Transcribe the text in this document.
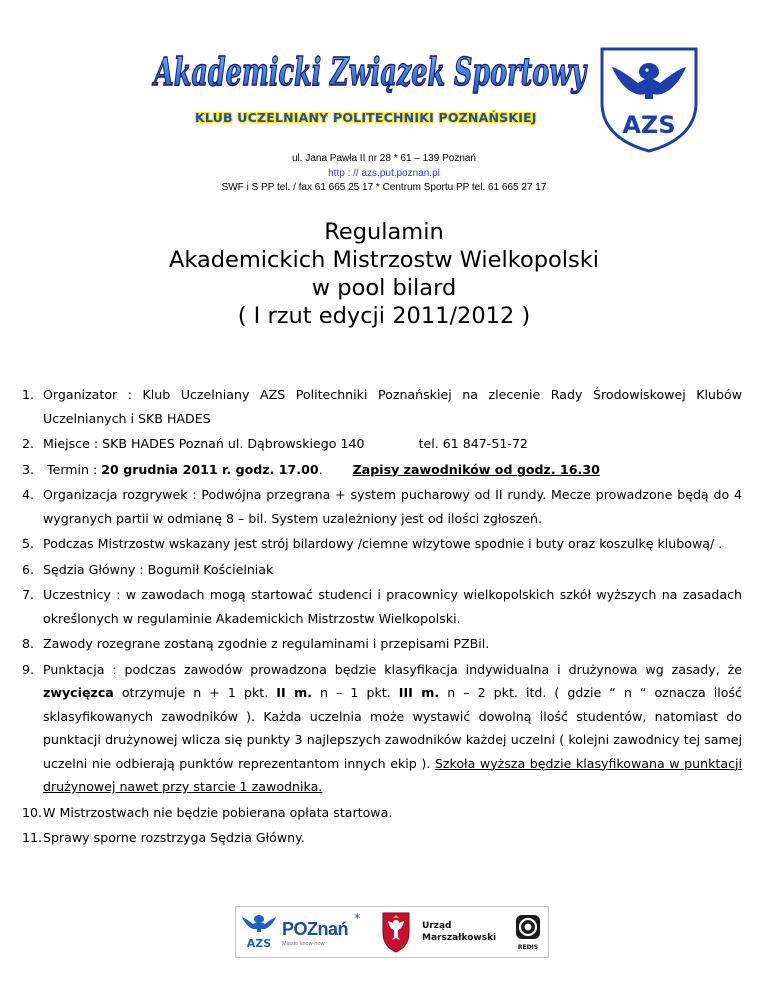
Akademicki Związek Sportowy
KLUB UCZELNIANY POLITECHNIKI POZNAŃSKIEJ	AZS
ul. Jana Pawła II nr 28 * 61 – 139 Poznań
http : // azs.put.poznan.pl
SWF i S PP tel. / fax 61 665 25 17 * Centrum Sportu PP tel. 61 665 27 17
Regulamin
Akademickich Mistrzostw Wielkopolski
w pool bilard
( I rzut edycji 2011/2012 )
1. Organizator : Klub Uczelniany AZS Politechniki Poznańskiej na zlecenie Rady Środowiskowej Klubów Uczelnianych i SKB HADES
2. Miejsce : SKB HADES Poznań ul. Dąbrowskiego 140	tel. 61 847-51-72
3.	Termin : 20 grudnia 2011 r. godz. 17.00. Zapisy zawodników od godz. 16.30
4. Organizacja rozgrywek : Podwójna przegrana + system pucharowy od II rundy. Mecze prowadzone będą do 4 wygranych partii w odmianę 8 – bil. System uzależniony jest od ilości zgłoszeń.
5. Podczas Mistrzostw wskazany jest strój bilardowy /ciemne wizytowe spodnie i buty oraz koszulkę klubową/ .
6. Sędzia Główny : Bogumił Kościelniak
7. Uczestnicy : w zawodach mogą startować studenci i pracownicy wielkopolskich szkół wyższych na zasadach określonych w regulaminie Akademickich Mistrzostw Wielkopolski.
8. Zawody rozegrane zostaną zgodnie z regulaminami i przepisami PZBil.
9. Punktacja : podczas zawodów prowadzona będzie klasyfikacja indywidualna i drużynowa wg zasady, że zwycięzca otrzymuje n + 1 pkt. II m. n – 1 pkt. III m. n – 2 pkt. itd. ( gdzie “ n “ oznacza ilość sklasyfikowanych zawodników ). Każda uczelnia może wystawić dowolną ilość studentów, natomiast do punktacji drużynowej wlicza się punkty 3 najlepszych zawodników każdej uczelni ( kolejni zawodnicy tej samej uczelni nie odbierają punktów reprezentantom innych ekip ). Szkoła wyższa będzie klasyfikowana w punktacji drużynowej nawet przy starcie 1 zawodnika.
10. W Mistrzostwach nie będzie pobierana opłata startowa.
11. Sprawy sporne rozstrzyga Sędzia Główny.
AZS
POZnań *
Miasto know-how
Urząd
Marszałkowski
REDIS
